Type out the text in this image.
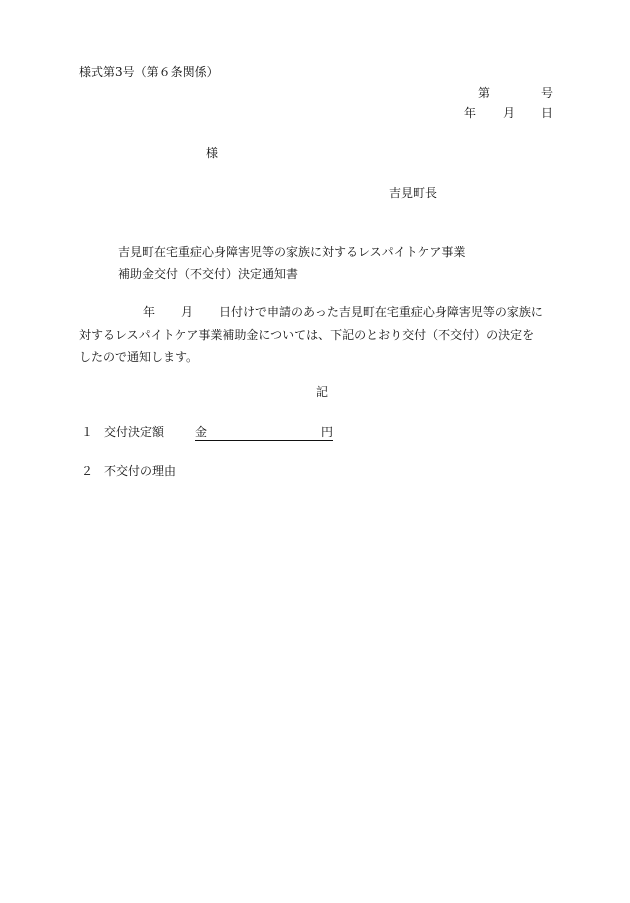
様式第3号（第６条関係）
第	号
年 月 日
様
吉見町長
吉見町在宅重症心身障害児等の家族に対するレスパイトケア事業
補助金交付（不交付）決定通知書
年 月 日付けで申請のあった吉見町在宅重症心身障害児等の家族に
対するレスパイトケア事業補助金については、下記のとおり交付（不交付）の決定を
したので通知します。
記
１ 交付決定額	金	円
２ 不交付の理由
